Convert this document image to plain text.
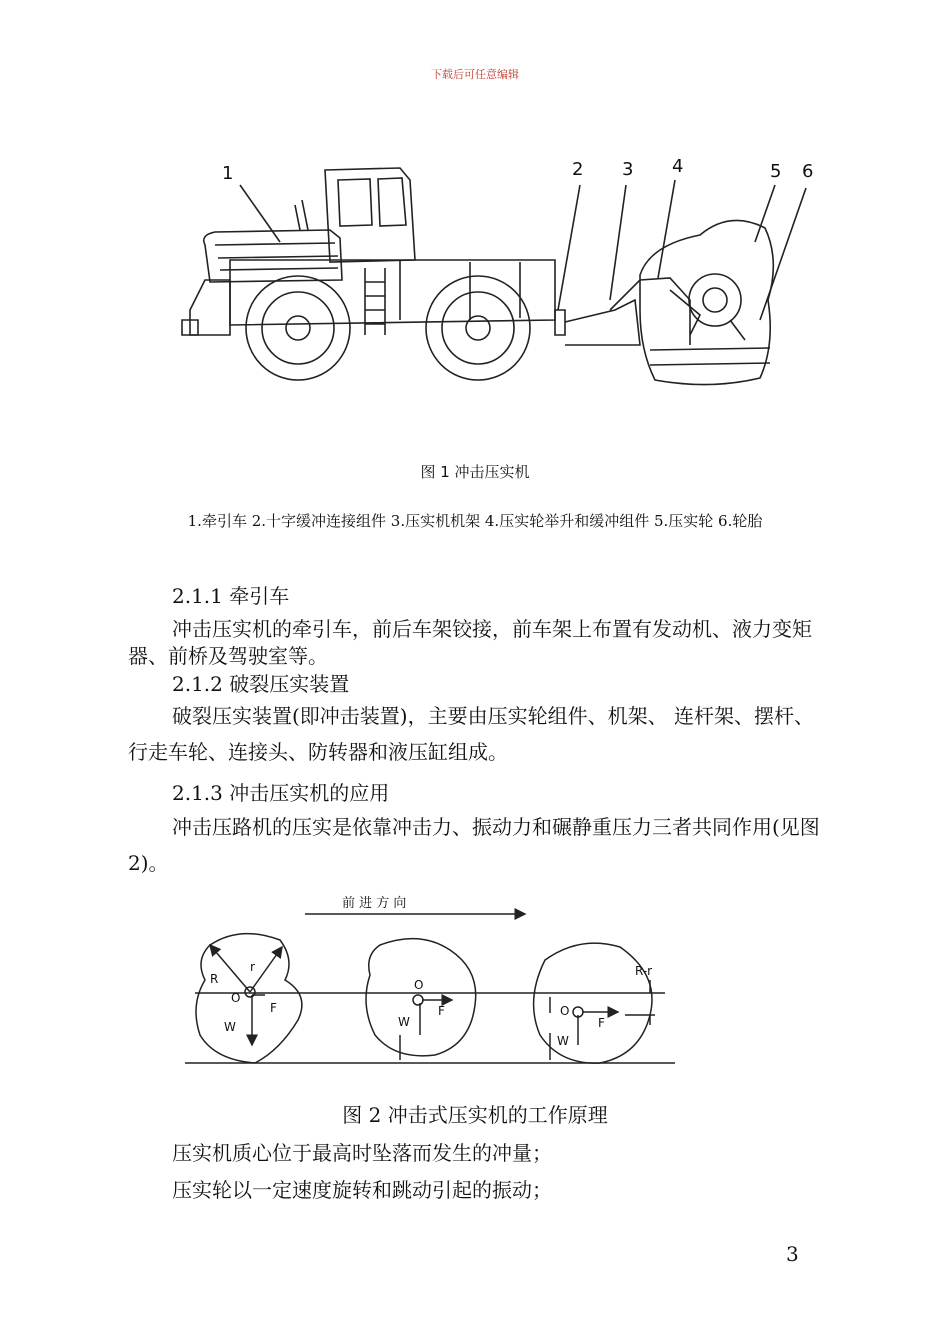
下载后可任意编辑
1	2 3 4	5 6
图 1 冲击压实机
1.牵引车 2.十字缓冲连接组件 3.压实机机架 4.压实轮举升和缓冲组件 5.压实轮 6.轮胎
2.1.1 牵引车
冲击压实机的牵引车，前后车架铰接，前车架上布置有发动机、液力变矩器、前桥及驾驶室等。
2.1.2 破裂压实装置
破裂压实装置(即冲击装置)，主要由压实轮组件、机架、 连杆架、摆杆、行走车轮、连接头、防转器和液压缸组成。
2.1.3 冲击压实机的应用
冲击压路机的压实是依靠冲击力、振动力和碾静重压力三者共同作用(见图 2)。
前 进 方 向
R
r
O
F
W
O
F
W
O
F
W
R-r
图 2 冲击式压实机的工作原理
压实机质心位于最高时坠落而发生的冲量；
压实轮以一定速度旋转和跳动引起的振动；
3
